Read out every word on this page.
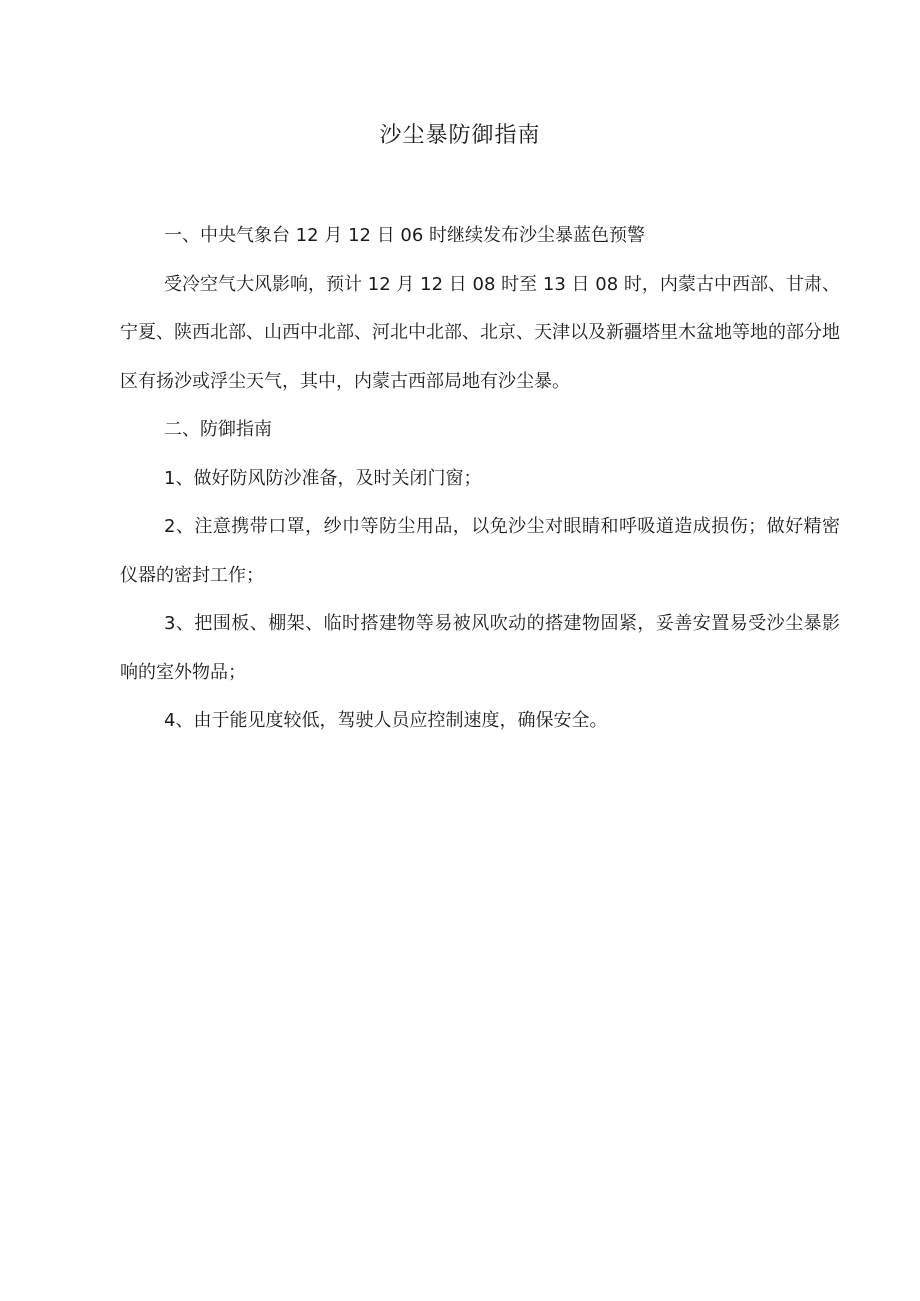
沙尘暴防御指南

一、中央气象台 12 月 12 日 06 时继续发布沙尘暴蓝色预警

受冷空气大风影响，预计 12 月 12 日 08 时至 13 日 08 时，内蒙古中西部、甘肃、宁夏、陕西北部、山西中北部、河北中北部、北京、天津以及新疆塔里木盆地等地的部分地区有扬沙或浮尘天气，其中，内蒙古西部局地有沙尘暴。

二、防御指南

1、做好防风防沙准备，及时关闭门窗；

2、注意携带口罩，纱巾等防尘用品，以免沙尘对眼睛和呼吸道造成损伤；做好精密仪器的密封工作；

3、把围板、棚架、临时搭建物等易被风吹动的搭建物固紧，妥善安置易受沙尘暴影响的室外物品；

4、由于能见度较低，驾驶人员应控制速度，确保安全。
